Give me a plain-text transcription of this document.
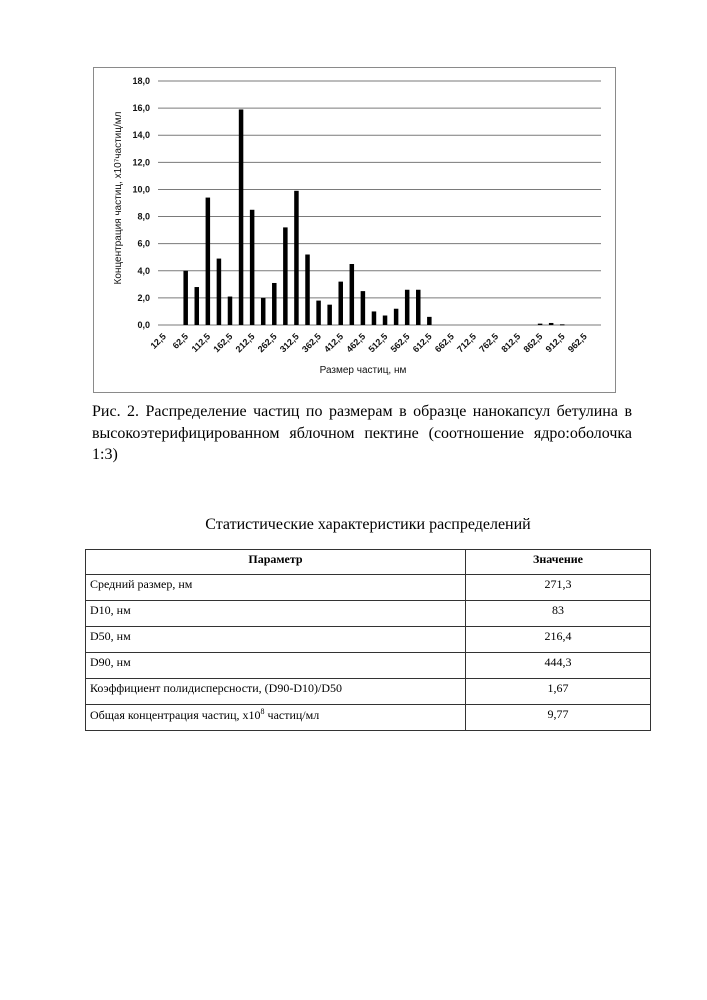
0,0
2,0
4,0
6,0
8,0
10,0
12,0
14,0
16,0
18,0
12,5 62,5 112,5 162,5 212,5 262,5 312,5 362,5 412,5 462,5 512,5 562,5 612,5 662,5 712,5 762,5 812,5 862,5 912,5 962,5
Концентрация частиц, x10⁷частиц/мл
Размер частиц, нм
Рис. 2. Распределение частиц по размерам в образце нанокапсул бетулина в высокоэтерифицированном яблочном пектине (соотношение ядро:оболочка 1:3)
Статистические характеристики распределений
Параметр	Значение
Средний размер, нм	271,3
D10, нм	83
D50, нм	216,4
D90, нм	444,3
Коэффициент полидисперсности, (D90-D10)/D50	1,67
Общая концентрация частиц, $x10^8$ частиц/мл	9,77
